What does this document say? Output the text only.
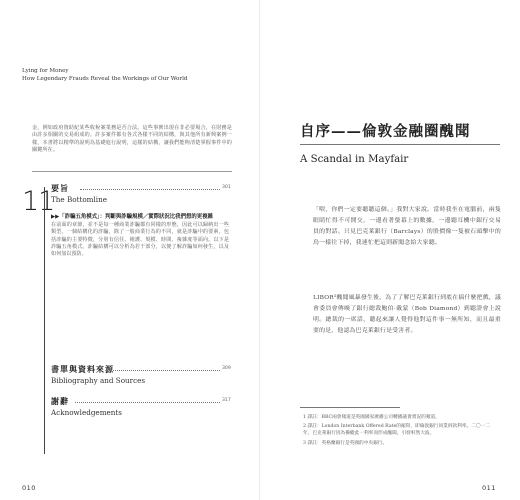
Lying for Money
How Legendary Frauds Reveal the Workings of Our World
金，例如政府資助紀某些收稅案業務是否合法。這些事實出現在非必要場合，在財務是由許多相關的交易組成的。許多案件都有各式各樣不同的結構，與其他所有新興案例一樣，本書將以精準的說明為基礎進行說明，這樣的結構，讓我們能夠清楚掌握事件中的關鍵所在。
11
要旨	301
The Bottomline
▶▶「詐騙五角模式」：判斷與詐騙規模／實際狀況比我們想的更複雜
在前面的章節，並不是每一種商業詐騙都有同樣的形態，因此可以歸納出一些類型。一個結構化的詐騙，除了一般商業行為的不同，就是詐騙中的要素，包括詐騙的主要特徵，分別有信任、掩護、規模、時間、複雜度等面向。以下是詐騙五角模式。詐騙結構可以分析為若干部分，以便了解詐騙如何發生，以及如何加以預防。
書單與資料來源	309
Bibliography and Sources
謝辭	317
Acknowledgements
010
自序——倫敦金融圈醜聞
A Scandal in Mayfair
「喂，你們一定要聽聽這個。」我對大家說。當時我坐在電腦前，兩隻眼睛忙得不可開交，一邊看著螢幕上的數據，一邊聽耳機中銀行交易員的對話。只見巴克萊銀行（Barclays）的股價像一隻被石頭擊中的鳥一樣往下掉，我連忙把這則新聞念給大家聽。
LIBOR²醜聞風暴發生後，為了了解巴克萊銀行到底在搞什麼把戲，議會委員會傳喚了銀行總裁鮑伯·戴蒙（Bob Diamond）到聽證會上說明。總裁的一席話，聽起來讓人覺得他對這件事一無所知，而且最重要的是，他認為巴克萊銀行是受害者。
1 譯註：BBC兩會頻道是英國國家廣播公司轉播議會實況的頻道。
2 譯註：London Interbank Offered Rate的縮寫，即倫敦銀行同業拆款利率。二〇一二年，巴克萊銀行因為操縱此一利率而形成醜聞，引發軒然大波。
3 譯註：英格蘭銀行是英國的中央銀行。
011
